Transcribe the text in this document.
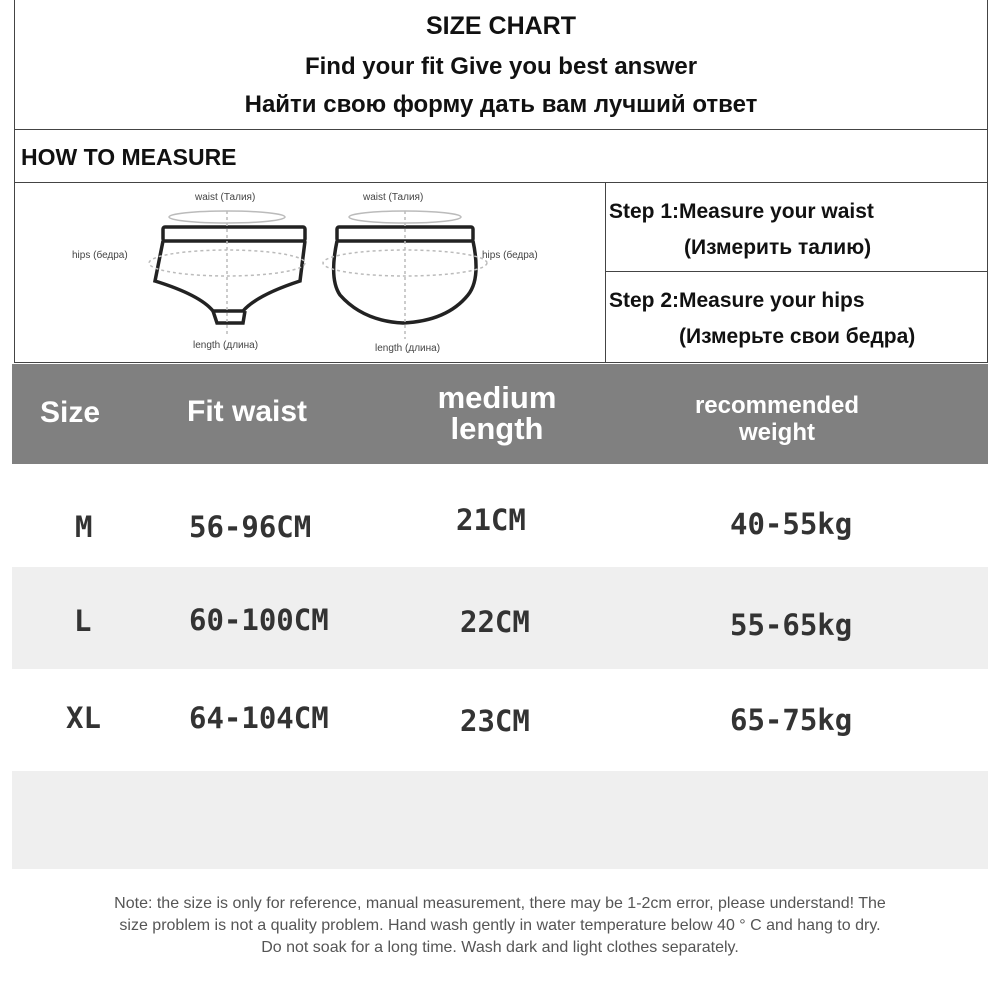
SIZE CHART
Find your fit Give you best answer
Найти свою форму дать вам лучший ответ
HOW TO MEASURE
waist (Талия)	waist (Талия)
hips (бедра)	hips (бедра)
length (длина)	length (длина)
Step 1:Measure your waist
(Измерить талию)
Step 2:Measure your hips
(Измерьте свои бедра)
Size	Fit waist	medium
length
recommended
weight
M	56-96CM	21CM	40-55kg
L	60-100CM	22CM	55-65kg
XL	64-104CM	23CM	65-75kg
Note: the size is only for reference, manual measurement, there may be 1-2cm error, please understand! The
size problem is not a quality problem. Hand wash gently in water temperature below 40 ° C and hang to dry.
Do not soak for a long time. Wash dark and light clothes separately.
